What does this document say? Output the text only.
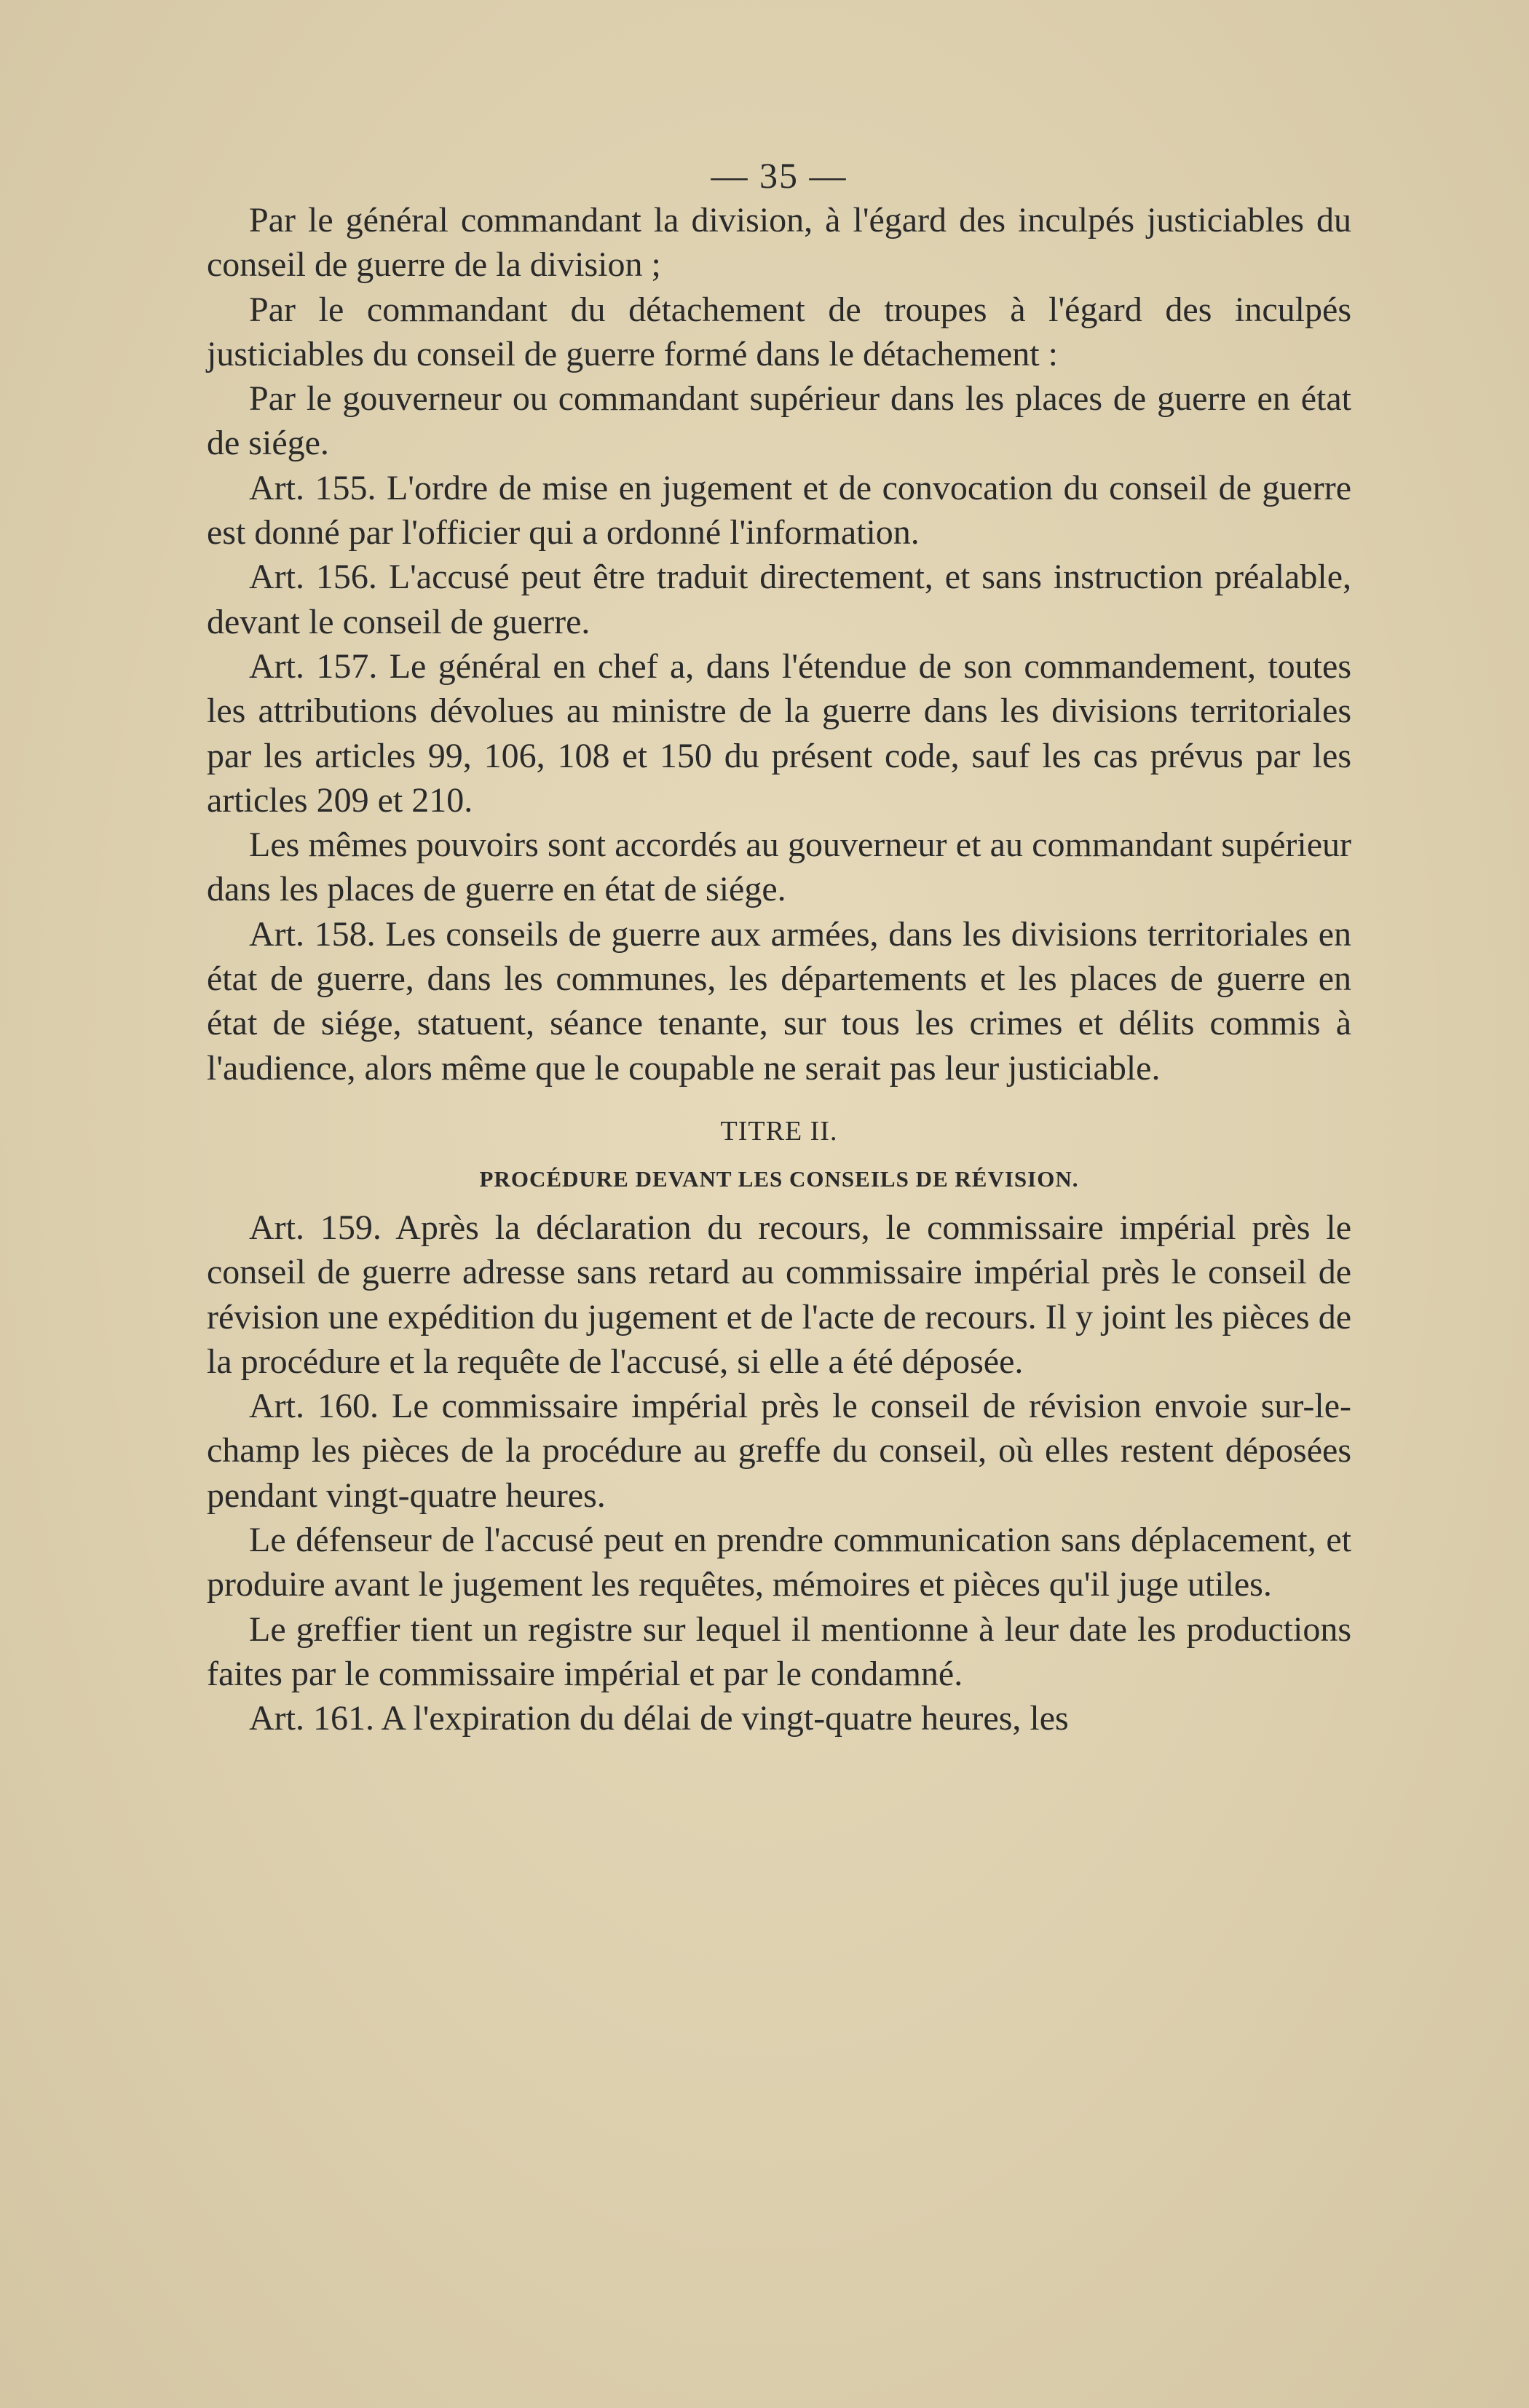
— 35 —

Par le général commandant la division, à l'égard des inculpés justiciables du conseil de guerre de la division ;

Par le commandant du détachement de troupes à l'égard des inculpés justiciables du conseil de guerre formé dans le détachement :

Par le gouverneur ou commandant supérieur dans les places de guerre en état de siége.

Art. 155. L'ordre de mise en jugement et de convocation du conseil de guerre est donné par l'officier qui a ordonné l'information.

Art. 156. L'accusé peut être traduit directement, et sans instruction préalable, devant le conseil de guerre.

Art. 157. Le général en chef a, dans l'étendue de son commandement, toutes les attributions dévolues au ministre de la guerre dans les divisions territoriales par les articles 99, 106, 108 et 150 du présent code, sauf les cas prévus par les articles 209 et 210.

Les mêmes pouvoirs sont accordés au gouverneur et au commandant supérieur dans les places de guerre en état de siége.

Art. 158. Les conseils de guerre aux armées, dans les divisions territoriales en état de guerre, dans les communes, les départements et les places de guerre en état de siége, statuent, séance tenante, sur tous les crimes et délits commis à l'audience, alors même que le coupable ne serait pas leur justiciable.

TITRE II.
PROCÉDURE DEVANT LES CONSEILS DE RÉVISION.

Art. 159. Après la déclaration du recours, le commissaire impérial près le conseil de guerre adresse sans retard au commissaire impérial près le conseil de révision une expédition du jugement et de l'acte de recours. Il y joint les pièces de la procédure et la requête de l'accusé, si elle a été déposée.

Art. 160. Le commissaire impérial près le conseil de révision envoie sur-le-champ les pièces de la procédure au greffe du conseil, où elles restent déposées pendant vingt-quatre heures.

Le défenseur de l'accusé peut en prendre communication sans déplacement, et produire avant le jugement les requêtes, mémoires et pièces qu'il juge utiles.

Le greffier tient un registre sur lequel il mentionne à leur date les productions faites par le commissaire impérial et par le condamné.

Art. 161. A l'expiration du délai de vingt-quatre heures, les
